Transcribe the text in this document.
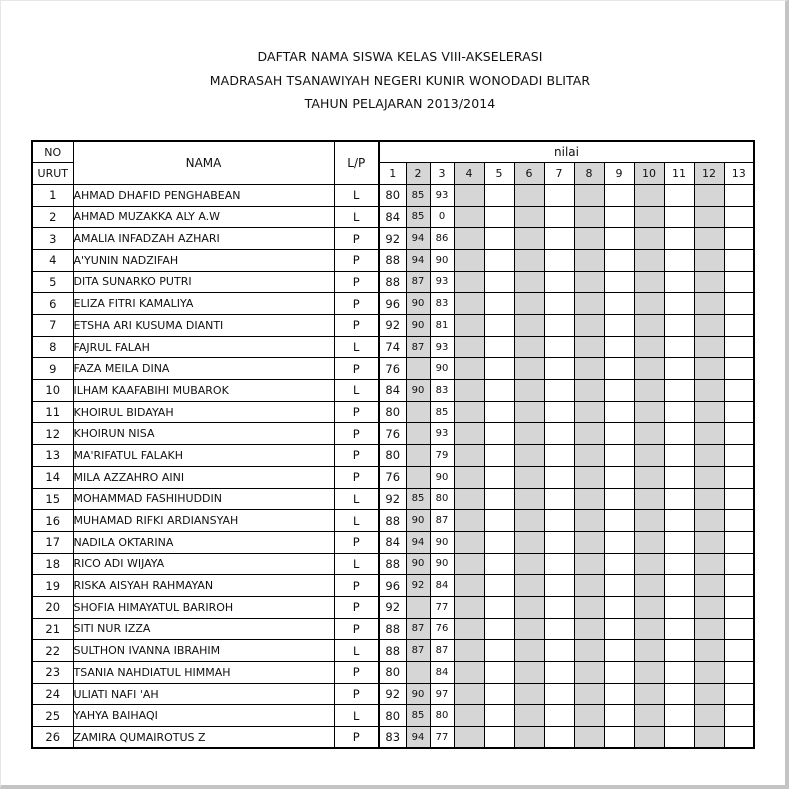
DAFTAR NAMA SISWA KELAS VIII-AKSELERASI
MADRASAH TSANAWIYAH NEGERI KUNIR WONODADI BLITAR
TAHUN PELAJARAN 2013/2014
NO	NAMA	L/P	nilai												
URUT			1	2	3	4	5	6	7	8	9	10	11	12	13
1	AHMAD DHAFID PENGHABEAN	L	80	85	93										
2	AHMAD MUZAKKA ALY A.W	L	84	85	0										
3	AMALIA INFADZAH AZHARI	P	92	94	86										
4	A'YUNIN NADZIFAH	P	88	94	90										
5	DITA SUNARKO PUTRI	P	88	87	93										
6	ELIZA FITRI KAMALIYA	P	96	90	83										
7	ETSHA ARI KUSUMA DIANTI	P	92	90	81										
8	FAJRUL FALAH	L	74	87	93										
9	FAZA MEILA DINA	P	76		90										
10	ILHAM KAAFABIHI MUBAROK	L	84	90	83										
11	KHOIRUL BIDAYAH	P	80		85										
12	KHOIRUN NISA	P	76		93										
13	MA'RIFATUL FALAKH	P	80		79										
14	MILA AZZAHRO AINI	P	76		90										
15	MOHAMMAD FASHIHUDDIN	L	92	85	80										
16	MUHAMAD RIFKI ARDIANSYAH	L	88	90	87										
17	NADILA OKTARINA	P	84	94	90										
18	RICO ADI WIJAYA	L	88	90	90										
19	RISKA AISYAH RAHMAYAN	P	96	92	84										
20	SHOFIA HIMAYATUL BARIROH	P	92		77										
21	SITI NUR IZZA	P	88	87	76										
22	SULTHON IVANNA IBRAHIM	L	88	87	87										
23	TSANIA NAHDIATUL HIMMAH	P	80		84										
24	ULIATI NAFI 'AH	P	92	90	97										
25	YAHYA BAIHAQI	L	80	85	80										
26	ZAMIRA QUMAIROTUS Z	P	83	94	77										
